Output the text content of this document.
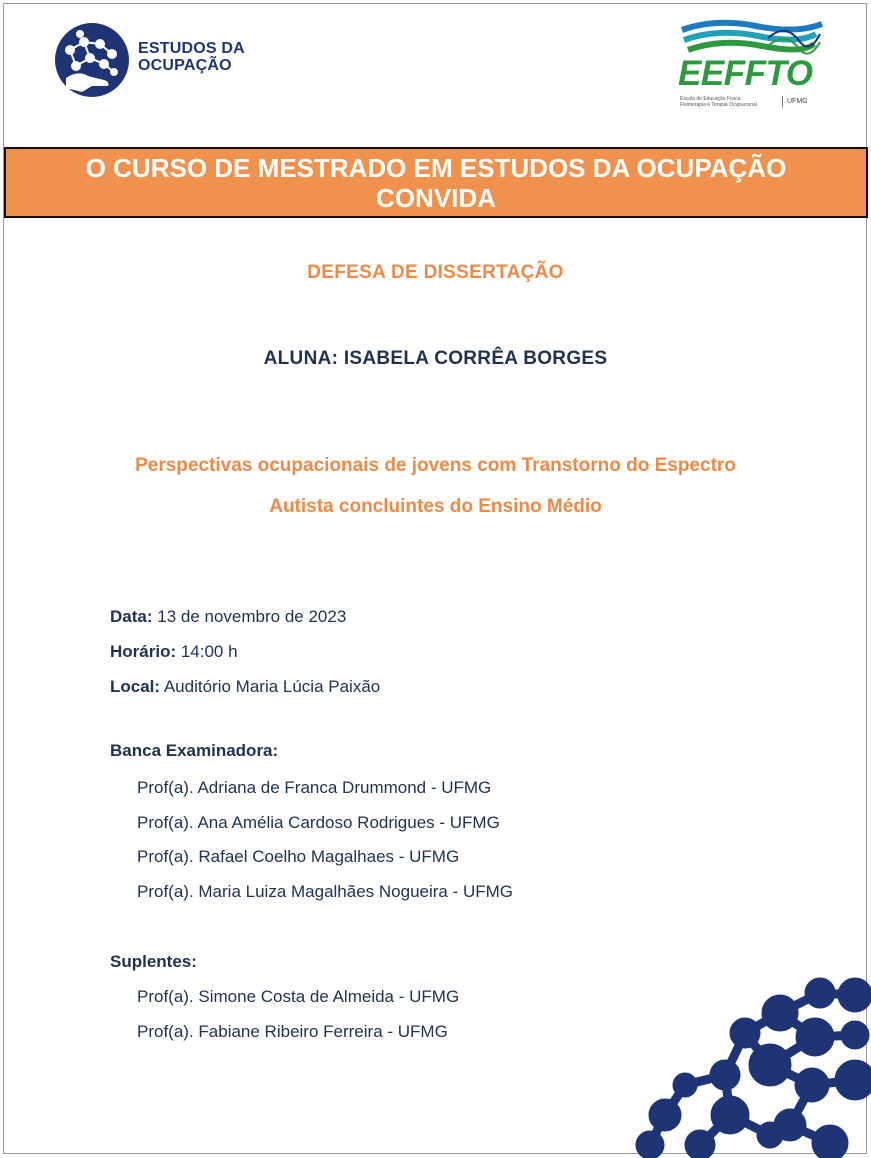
ESTUDOS DA
OCUPAÇÃO	EEFFTO
Escola de Educação Física
Fisioterapia e Terapia Ocupacional	UFMG
O CURSO DE MESTRADO EM ESTUDOS DA OCUPAÇÃO
CONVIDA
DEFESA DE DISSERTAÇÃO
ALUNA: ISABELA CORRÊA BORGES
Perspectivas ocupacionais de jovens com Transtorno do Espectro
Autista concluintes do Ensino Médio
Data: 13 de novembro de 2023
Horário: 14:00 h
Local: Auditório Maria Lúcia Paixão
Banca Examinadora:
Prof(a). Adriana de Franca Drummond - UFMG
Prof(a). Ana Amélia Cardoso Rodrigues - UFMG
Prof(a). Rafael Coelho Magalhaes - UFMG
Prof(a). Maria Luiza Magalhães Nogueira - UFMG
Suplentes:
Prof(a). Simone Costa de Almeida - UFMG
Prof(a). Fabiane Ribeiro Ferreira - UFMG
